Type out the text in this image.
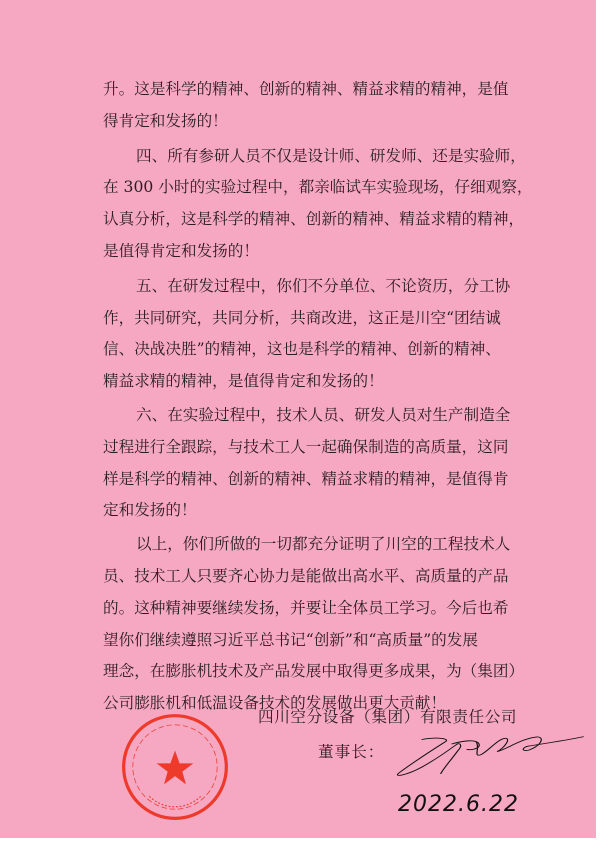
升。这是科学的精神、创新的精神、精益求精的精神，是值
得肯定和发扬的！
四、所有参研人员不仅是设计师、研发师、还是实验师，
在 300 小时的实验过程中，都亲临试车实验现场，仔细观察，
认真分析，这是科学的精神、创新的精神、精益求精的精神，
是值得肯定和发扬的！
五、在研发过程中，你们不分单位、不论资历，分工协
作，共同研究，共同分析，共商改进，这正是川空“团结诚
信、决战决胜”的精神，这也是科学的精神、创新的精神、
精益求精的精神，是值得肯定和发扬的！
六、在实验过程中，技术人员、研发人员对生产制造全
过程进行全跟踪，与技术工人一起确保制造的高质量，这同
样是科学的精神、创新的精神、精益求精的精神，是值得肯
定和发扬的！
以上，你们所做的一切都充分证明了川空的工程技术人
员、技术工人只要齐心协力是能做出高水平、高质量的产品
的。这种精神要继续发扬，并要让全体员工学习。今后也希
望你们继续遵照习近平总书记“创新”和“高质量”的发展
理念，在膨胀机技术及产品发展中取得更多成果，为（集团）
公司膨胀机和低温设备技术的发展做出更大贡献！
四川空分设备（集团）有限责任公司
董事长：
2022.6.22
